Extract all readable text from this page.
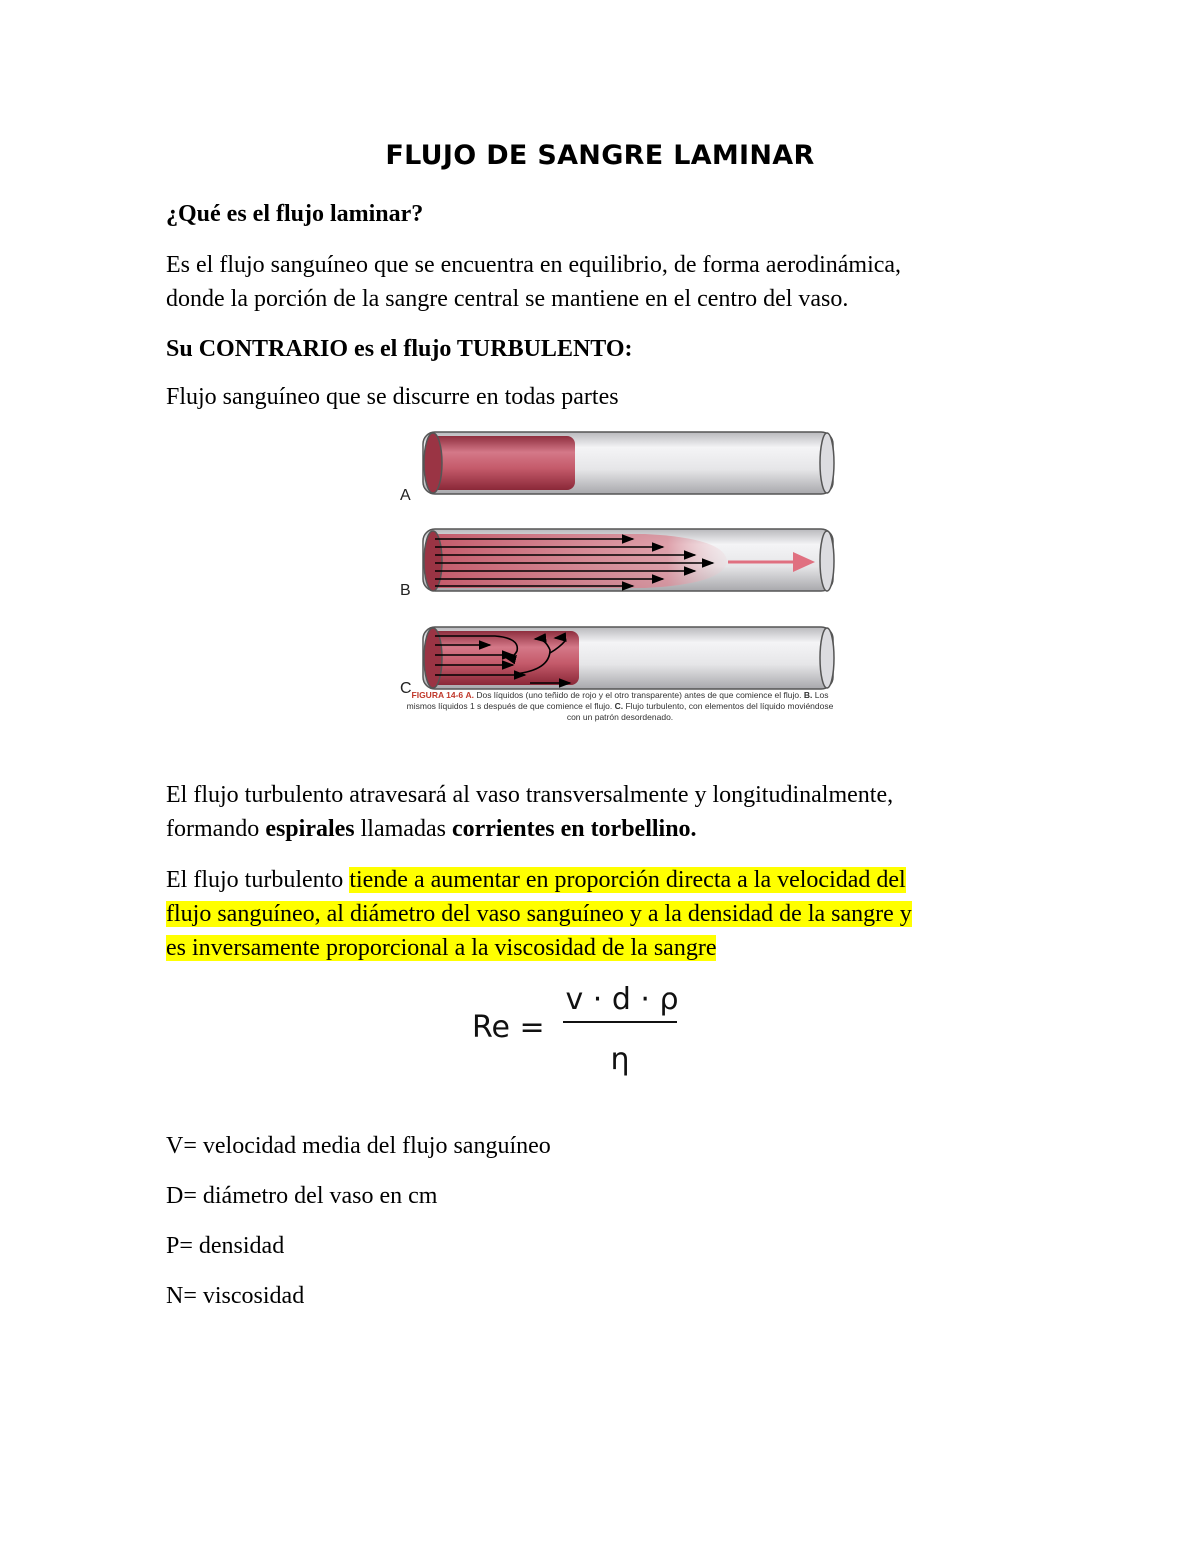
FLUJO DE SANGRE LAMINAR
¿Qué es el flujo laminar?
Es el flujo sanguíneo que se encuentra en equilibrio, de forma aerodinámica,
donde la porción de la sangre central se mantiene en el centro del vaso.
Su CONTRARIO es el flujo TURBULENTO:
Flujo sanguíneo que se discurre en todas partes
A
B
C FIGURA 14-6 A. Dos líquidos (uno teñido de rojo y el otro transparente) antes de que comience el flujo. B. Los mismos líquidos 1 s después de que comience el flujo. C. Flujo turbulento, con elementos del líquido moviéndose con un patrón desordenado.
El flujo turbulento atravesará al vaso transversalmente y longitudinalmente,
formando espirales llamadas corrientes en torbellino.
El flujo turbulento tiende a aumentar en proporción directa a la velocidad del
flujo sanguíneo, al diámetro del vaso sanguíneo y a la densidad de la sangre y
es inversamente proporcional a la viscosidad de la sangre
Re =
v · d · ρ
η
V= velocidad media del flujo sanguíneo
D= diámetro del vaso en cm
P= densidad
N= viscosidad
